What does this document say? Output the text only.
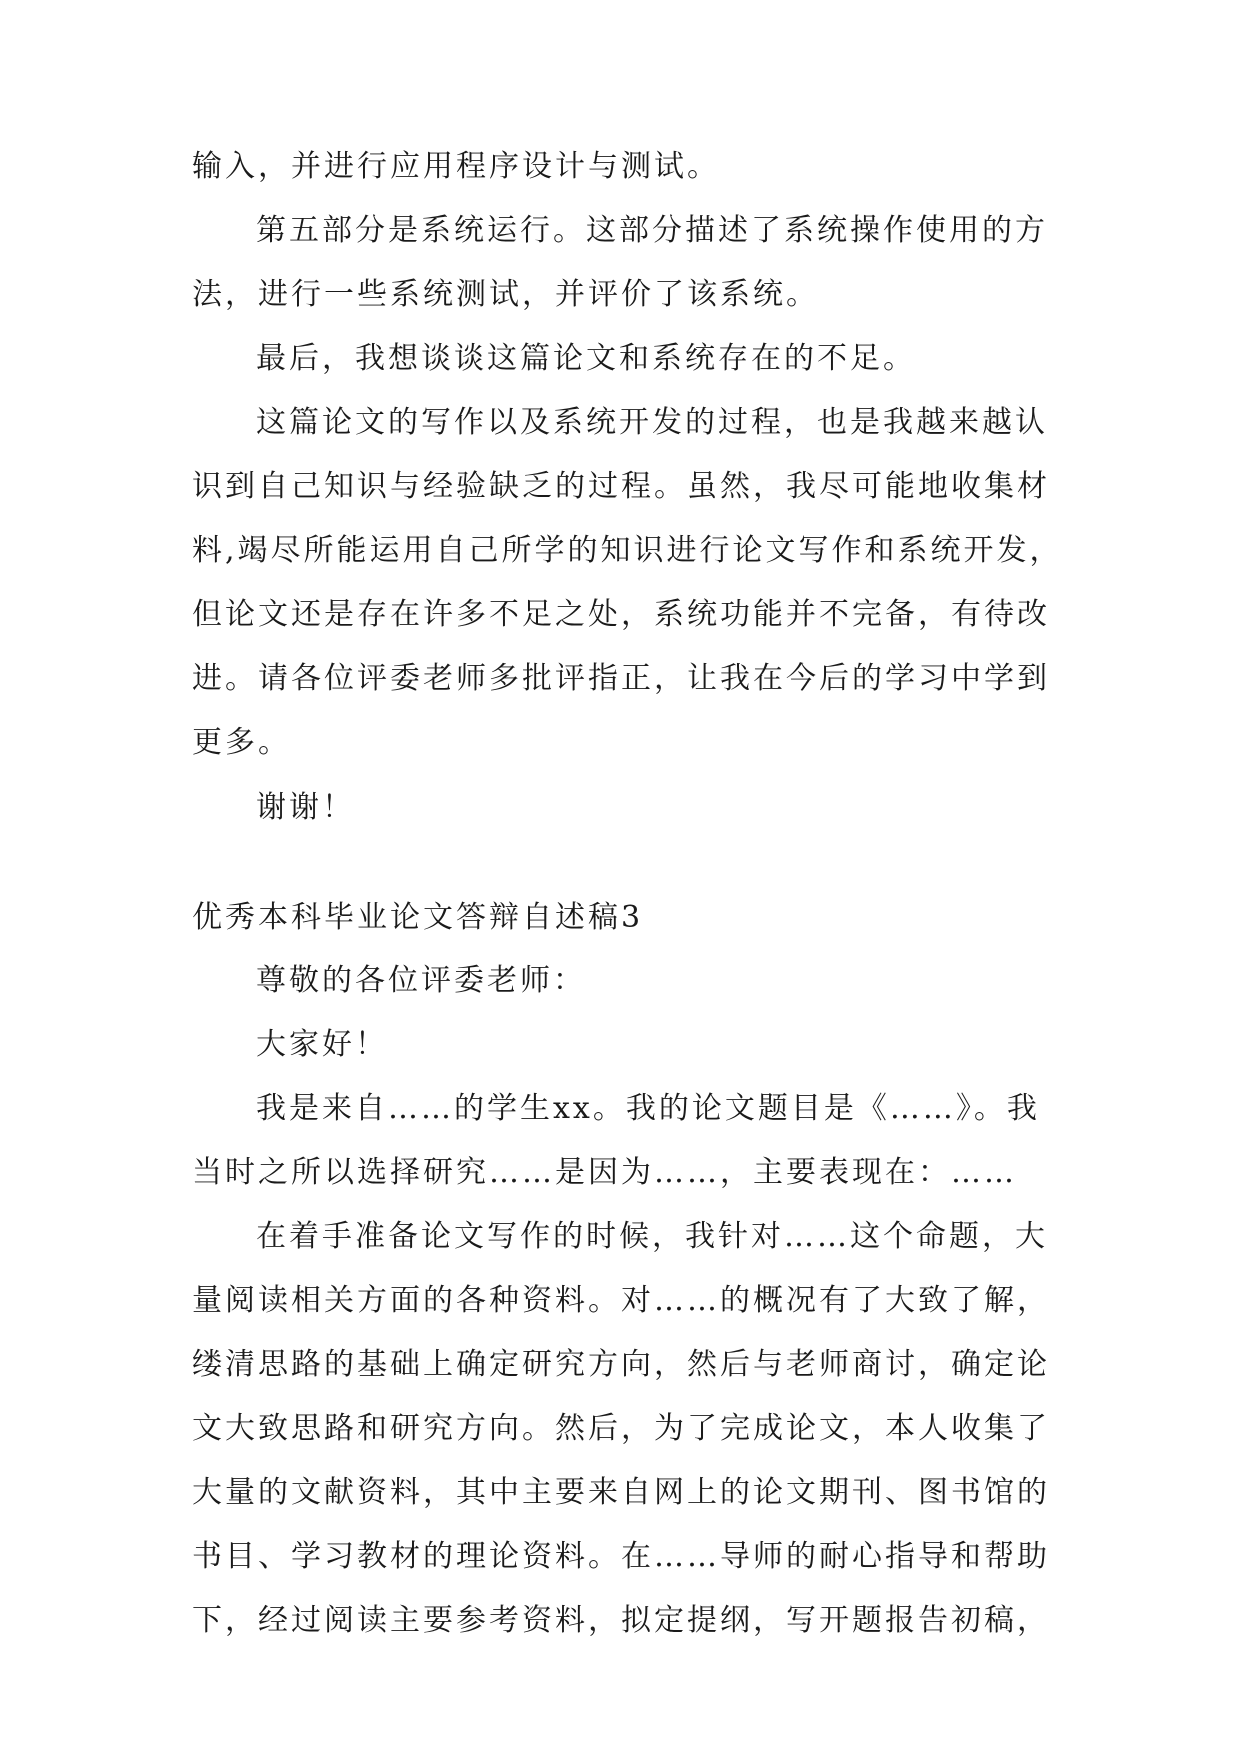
输入，并进行应用程序设计与测试。
第五部分是系统运行。这部分描述了系统操作使用的方
法，进行一些系统测试，并评价了该系统。
最后，我想谈谈这篇论文和系统存在的不足。
这篇论文的写作以及系统开发的过程，也是我越来越认
识到自己知识与经验缺乏的过程。虽然，我尽可能地收集材
料,竭尽所能运用自己所学的知识进行论文写作和系统开发，
但论文还是存在许多不足之处，系统功能并不完备，有待改
进。请各位评委老师多批评指正，让我在今后的学习中学到
更多。
谢谢！
优秀本科毕业论文答辩自述稿3
尊敬的各位评委老师：
大家好！
我是来自……的学生xx。我的论文题目是《……》。我
当时之所以选择研究……是因为……，主要表现在：……
在着手准备论文写作的时候，我针对……这个命题，大
量阅读相关方面的各种资料。对……的概况有了大致了解，
缕清思路的基础上确定研究方向，然后与老师商讨，确定论
文大致思路和研究方向。然后，为了完成论文，本人收集了
大量的文献资料，其中主要来自网上的论文期刊、图书馆的
书目、学习教材的理论资料。在……导师的耐心指导和帮助
下，经过阅读主要参考资料，拟定提纲，写开题报告初稿，
